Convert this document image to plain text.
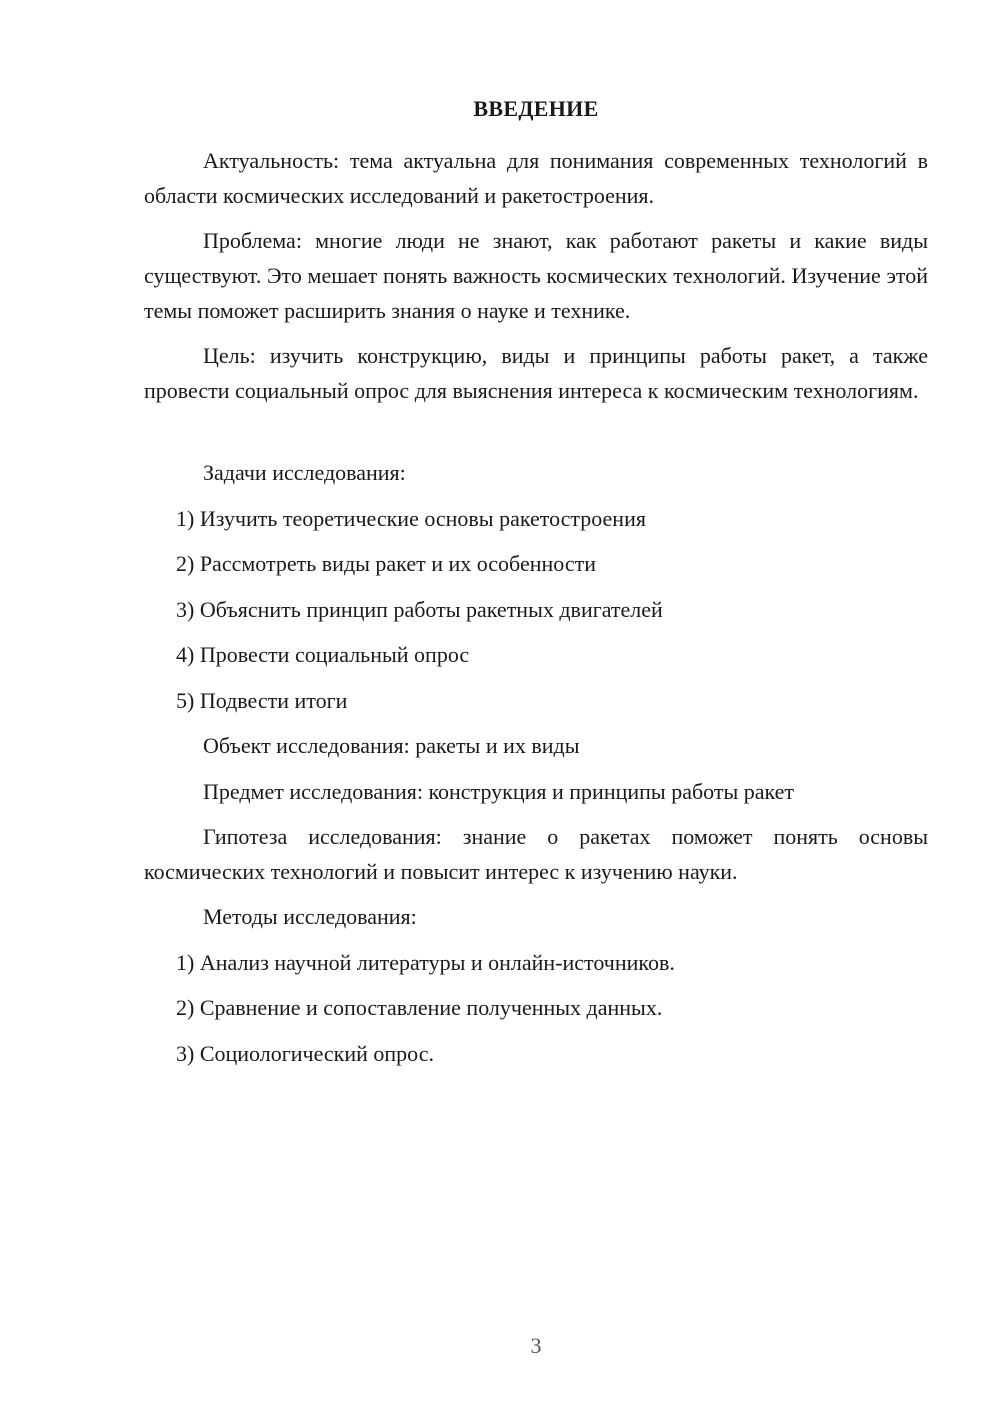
ВВЕДЕНИЕ

Актуальность: тема актуальна для понимания современных технологий в области космических исследований и ракетостроения.

Проблема: многие люди не знают, как работают ракеты и какие виды существуют. Это мешает понять важность космических технологий. Изучение этой темы поможет расширить знания о науке и технике.

Цель: изучить конструкцию, виды и принципы работы ракет, а также провести социальный опрос для выяснения интереса к космическим технологиям.

Задачи исследования:

1) Изучить теоретические основы ракетостроения

2) Рассмотреть виды ракет и их особенности

3) Объяснить принцип работы ракетных двигателей

4) Провести социальный опрос

5) Подвести итоги

Объект исследования: ракеты и их виды

Предмет исследования: конструкция и принципы работы ракет

Гипотеза исследования: знание о ракетах поможет понять основы космических технологий и повысит интерес к изучению науки.

Методы исследования:

1) Анализ научной литературы и онлайн-источников.

2) Сравнение и сопоставление полученных данных.

3) Социологический опрос.

3
